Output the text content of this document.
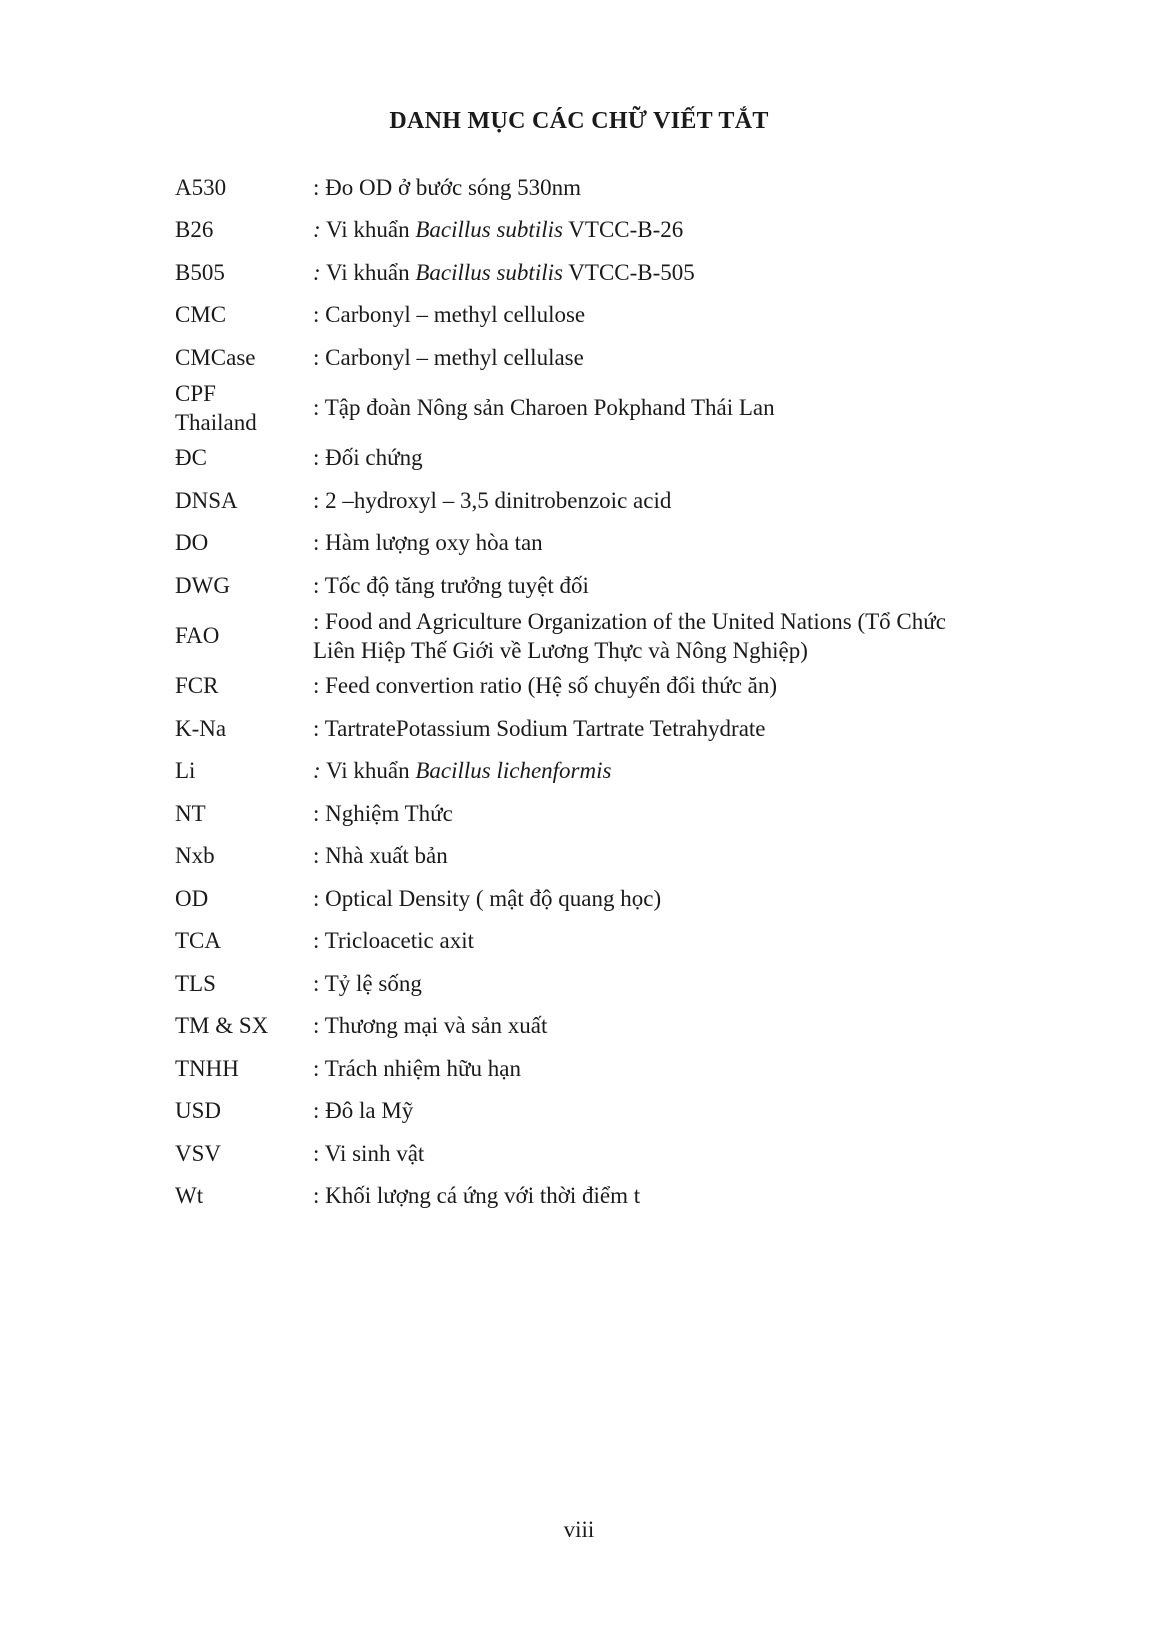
DANH MỤC CÁC CHỮ VIẾT TẮT
A530	: Đo OD ở bước sóng 530nm
B26	: Vi khuẩn Bacillus subtilis VTCC-B-26
B505	: Vi khuẩn Bacillus subtilis VTCC-B-505
CMC	: Carbonyl – methyl cellulose
CMCase	: Carbonyl – methyl cellulase
CPF
Thailand	: Tập đoàn Nông sản Charoen Pokphand Thái Lan
ĐC	: Đối chứng
DNSA	: 2 –hydroxyl – 3,5 dinitrobenzoic acid
DO	: Hàm lượng oxy hòa tan
DWG	: Tốc độ tăng trưởng tuyệt đối
FAO	: Food and Agriculture Organization of the United Nations (Tổ Chức
Liên Hiệp Thế Giới về Lương Thực và Nông Nghiệp)
FCR	: Feed convertion ratio (Hệ số chuyển đổi thức ăn)
K-Na	: TartratePotassium Sodium Tartrate Tetrahydrate
Li	: Vi khuẩn Bacillus lichenformis
NT	: Nghiệm Thức
Nxb	: Nhà xuất bản
OD	: Optical Density ( mật độ quang học)
TCA	: Tricloacetic axit
TLS	: Tỷ lệ sống
TM & SX	: Thương mại và sản xuất
TNHH	: Trách nhiệm hữu hạn
USD	: Đô la Mỹ
VSV	: Vi sinh vật
Wt	: Khối lượng cá ứng với thời điểm t
viii
